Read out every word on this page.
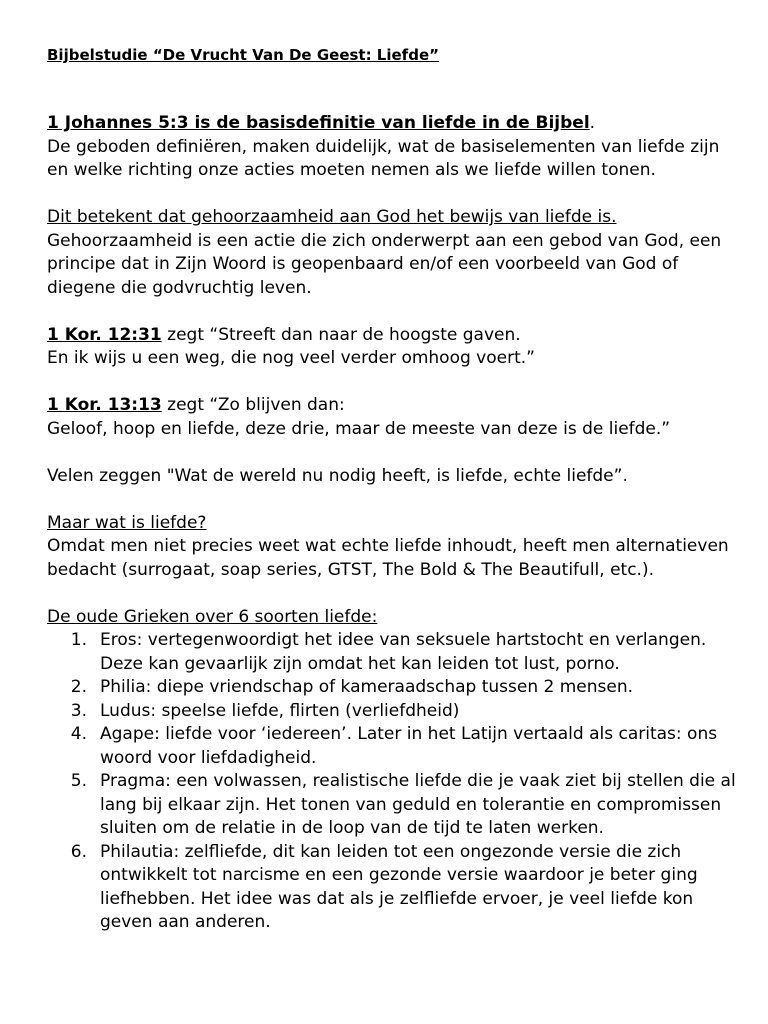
Bijbelstudie “De Vrucht Van De Geest: Liefde”
1 Johannes 5:3 is de basisdefinitie van liefde in de Bijbel.
De geboden definiëren, maken duidelijk, wat de basiselementen van liefde zijn
en welke richting onze acties moeten nemen als we liefde willen tonen.
Dit betekent dat gehoorzaamheid aan God het bewijs van liefde is.
Gehoorzaamheid is een actie die zich onderwerpt aan een gebod van God, een
principe dat in Zijn Woord is geopenbaard en/of een voorbeeld van God of
diegene die godvruchtig leven.
1 Kor. 12:31 zegt “Streeft dan naar de hoogste gaven.
En ik wijs u een weg, die nog veel verder omhoog voert.”
1 Kor. 13:13 zegt “Zo blijven dan:
Geloof, hoop en liefde, deze drie, maar de meeste van deze is de liefde.”
Velen zeggen "Wat de wereld nu nodig heeft, is liefde, echte liefde”.
Maar wat is liefde?
Omdat men niet precies weet wat echte liefde inhoudt, heeft men alternatieven
bedacht (surrogaat, soap series, GTST, The Bold & The Beautifull, etc.).
De oude Grieken over 6 soorten liefde:
1. Eros: vertegenwoordigt het idee van seksuele hartstocht en verlangen.
Deze kan gevaarlijk zijn omdat het kan leiden tot lust, porno.
2. Philia: diepe vriendschap of kameraadschap tussen 2 mensen.
3. Ludus: speelse liefde, flirten (verliefdheid)
4. Agape: liefde voor ‘iedereen’. Later in het Latijn vertaald als caritas: ons
woord voor liefdadigheid.
5. Pragma: een volwassen, realistische liefde die je vaak ziet bij stellen die al
lang bij elkaar zijn. Het tonen van geduld en tolerantie en compromissen
sluiten om de relatie in de loop van de tijd te laten werken.
6. Philautia: zelfliefde, dit kan leiden tot een ongezonde versie die zich
ontwikkelt tot narcisme en een gezonde versie waardoor je beter ging
liefhebben. Het idee was dat als je zelfliefde ervoer, je veel liefde kon
geven aan anderen.
